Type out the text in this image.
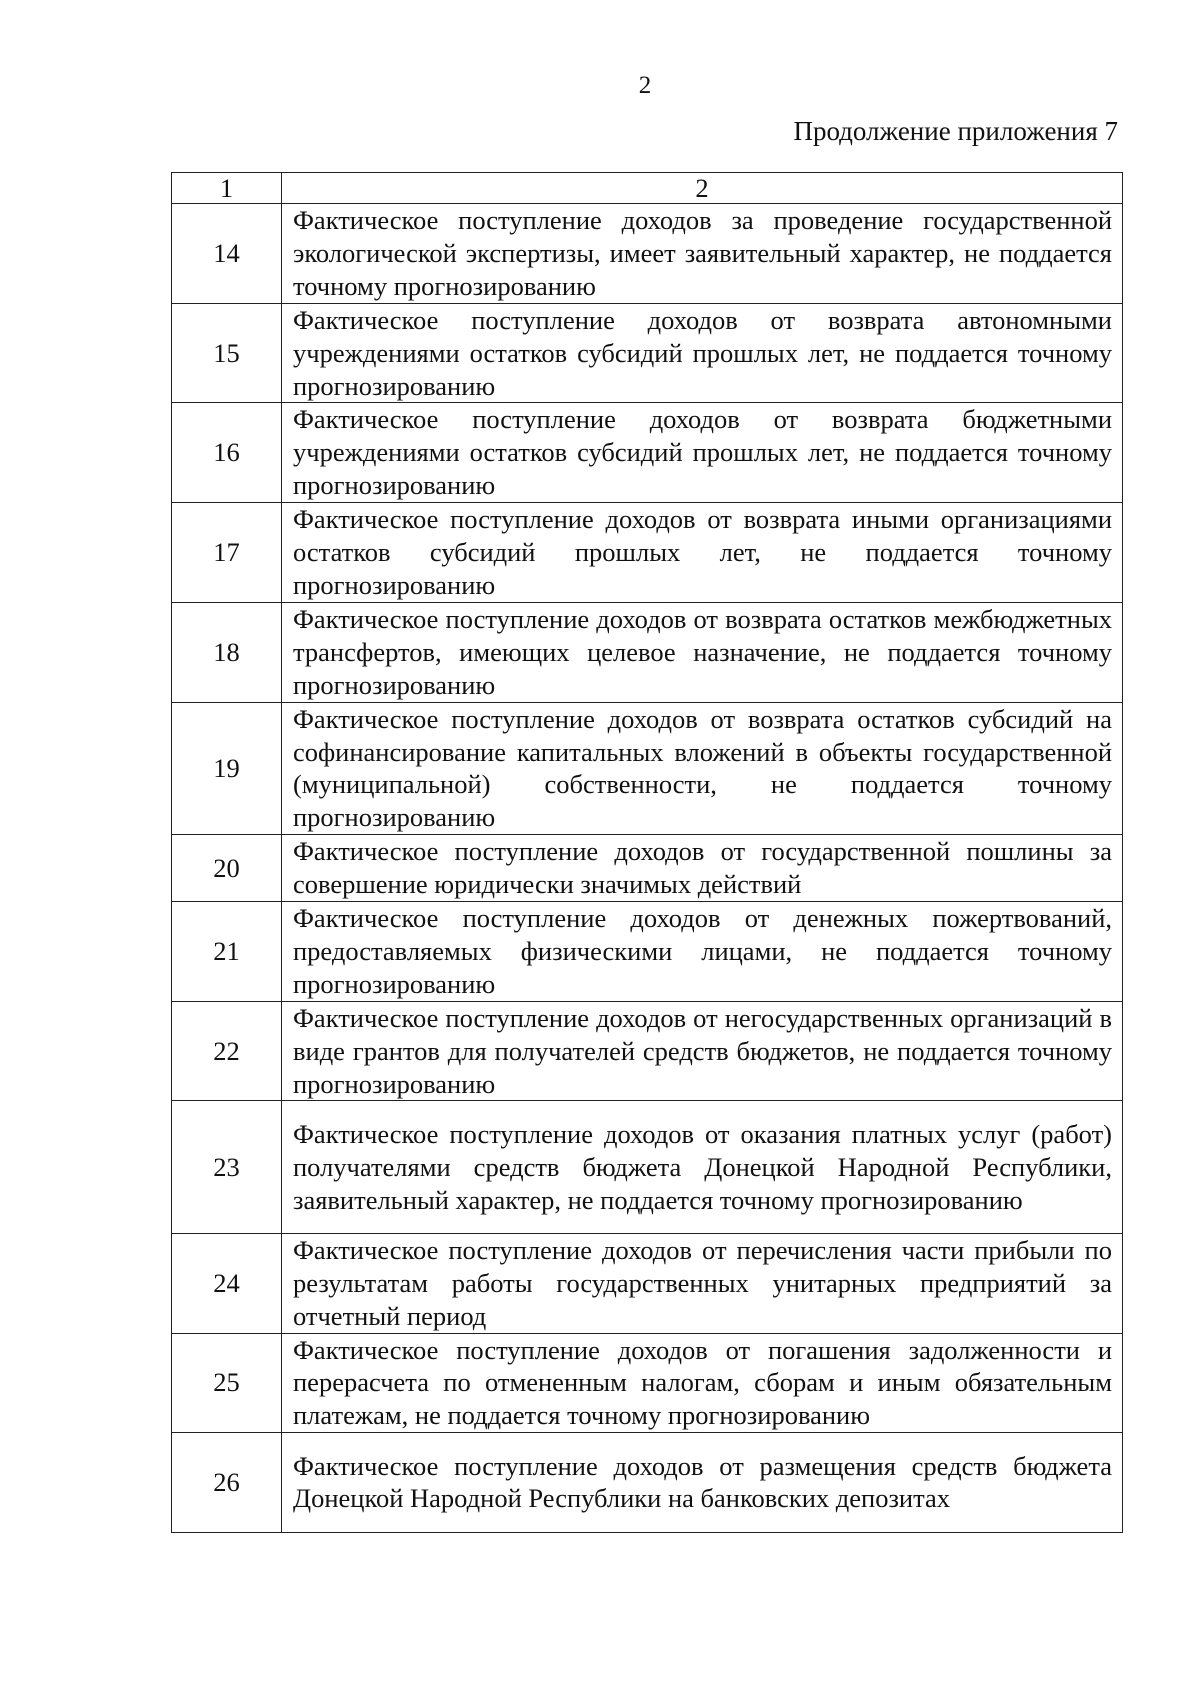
2
Продолжение приложения 7
1	2
14	Фактическое поступление доходов за проведение государственной экологической экспертизы, имеет заявительный характер, не поддается точному прогнозированию
15	Фактическое поступление доходов от возврата автономными учреждениями остатков субсидий прошлых лет, не поддается точному прогнозированию
16	Фактическое поступление доходов от возврата бюджетными учреждениями остатков субсидий прошлых лет, не поддается точному прогнозированию
17	Фактическое поступление доходов от возврата иными организациями остатков субсидий прошлых лет, не поддается точному прогнозированию
18	Фактическое поступление доходов от возврата остатков межбюджетных трансфертов, имеющих целевое назначение, не поддается точному прогнозированию
19	Фактическое поступление доходов от возврата остатков субсидий на софинансирование капитальных вложений в объекты государственной (муниципальной) собственности, не поддается точному прогнозированию
20	Фактическое поступление доходов от государственной пошлины за совершение юридически значимых действий
21	Фактическое поступление доходов от денежных пожертвований, предоставляемых физическими лицами, не поддается точному прогнозированию
22	Фактическое поступление доходов от негосударственных организаций в виде грантов для получателей средств бюджетов, не поддается точному прогнозированию
23	Фактическое поступление доходов от оказания платных услуг (работ) получателями средств бюджета Донецкой Народной Республики, заявительный характер, не поддается точному прогнозированию
24	Фактическое поступление доходов от перечисления части прибыли по результатам работы государственных унитарных предприятий за отчетный период
25	Фактическое поступление доходов от погашения задолженности и перерасчета по отмененным налогам, сборам и иным обязательным платежам, не поддается точному прогнозированию
26	Фактическое поступление доходов от размещения средств бюджета Донецкой Народной Республики на банковских депозитах
